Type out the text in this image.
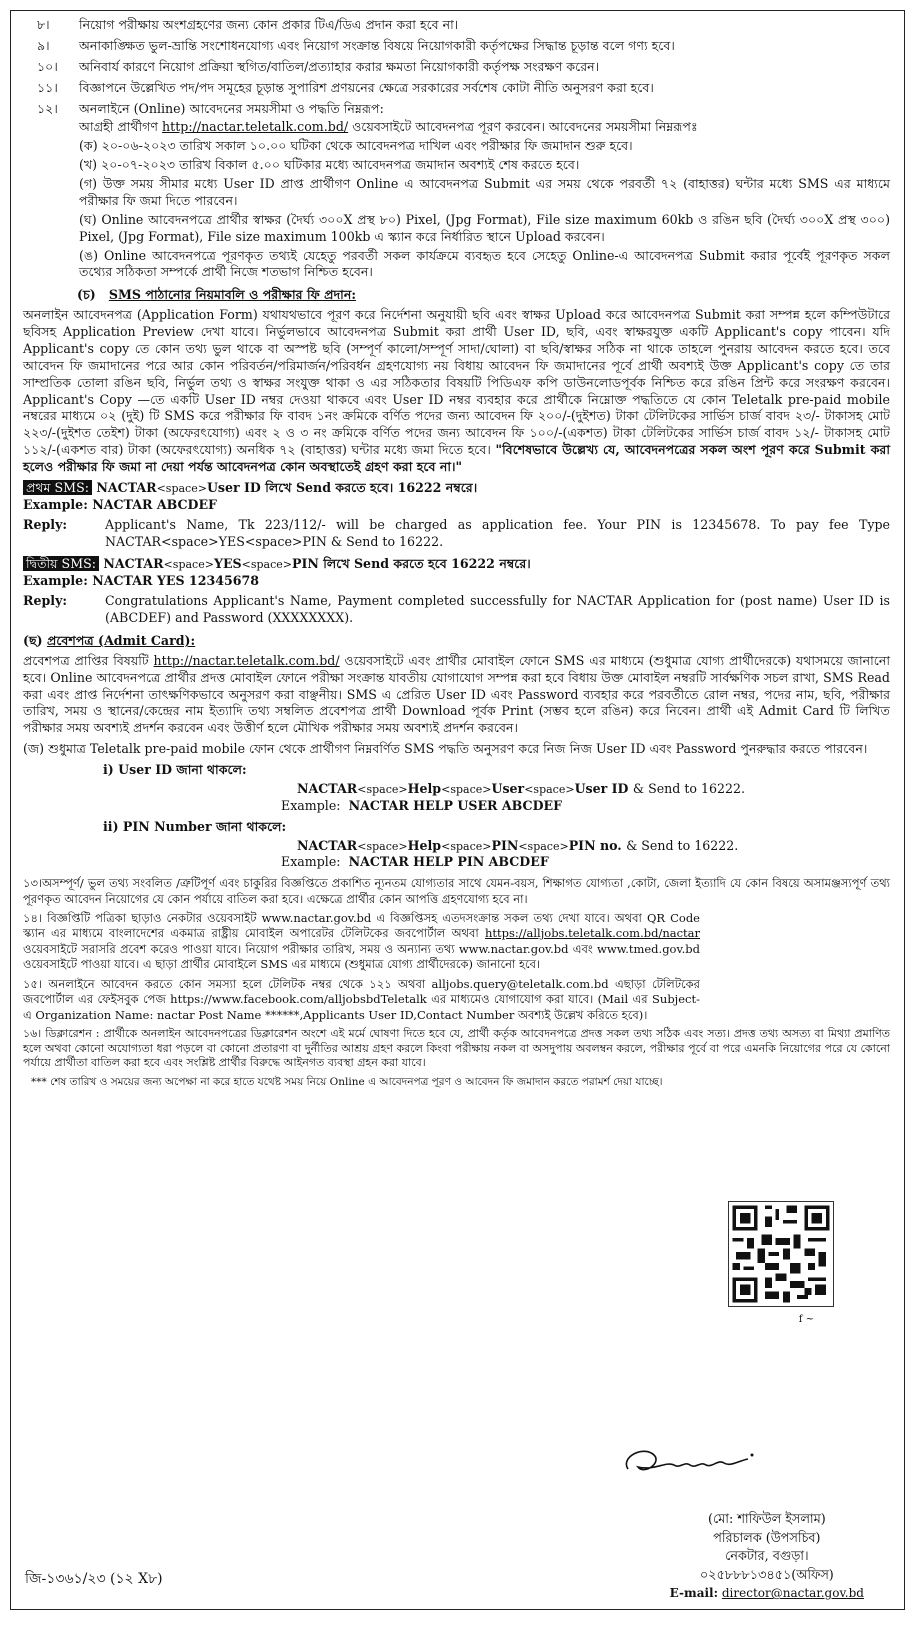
৮।	নিয়োগ পরীক্ষায় অংশগ্রহণের জন্য কোন প্রকার টিএ/ডিএ প্রদান করা হবে না।
৯।	অনাকাঙ্ক্ষিত ভুল-ভ্রান্তি সংশোধনযোগ্য এবং নিয়োগ সংক্রান্ত বিষয়ে নিয়োগকারী কর্তৃপক্ষের সিদ্ধান্ত চূড়ান্ত বলে গণ্য হবে।
১০।	অনিবার্য কারণে নিয়োগ প্রক্রিয়া স্থগিত/বাতিল/প্রত্যাহার করার ক্ষমতা নিয়োগকারী কর্তৃপক্ষ সংরক্ষণ করেন।
১১।	বিজ্ঞাপনে উল্লেখিত পদ/পদ সমূহের চূড়ান্ত সুপারিশ প্রণয়নের ক্ষেত্রে সরকারের সর্বশেষ কোটা নীতি অনুসরণ করা হবে।
১২।	অনলাইনে (Online) আবেদনের সময়সীমা ও পদ্ধতি নিম্নরূপ:
আগ্রহী প্রার্থীগণ http://nactar.teletalk.com.bd/ ওয়েবসাইটে আবেদনপত্র পূরণ করবেন। আবেদনের সময়সীমা নিম্নরূপঃ
(ক) ২০-০৬-২০২৩ তারিখ সকাল ১০.০০ ঘটিকা থেকে আবেদনপত্র দাখিল এবং পরীক্ষার ফি জমাদান শুরু হবে।
(খ) ২০-০৭-২০২৩ তারিখ বিকাল ৫.০০ ঘটিকার মধ্যে আবেদনপত্র জমাদান অবশ্যই শেষ করতে হবে।
(গ) উক্ত সময় সীমার মধ্যে User ID প্রাপ্ত প্রার্থীগণ Online এ আবেদনপত্র Submit এর সময় থেকে পরবর্তী ৭২ (বাহাত্তর) ঘন্টার মধ্যে SMS এর মাধ্যমে পরীক্ষার ফি জমা দিতে পারবেন।
(ঘ) Online আবেদনপত্রে প্রার্থীর স্বাক্ষর (দৈর্ঘ্য ৩০০X প্রস্থ ৮০) Pixel, (Jpg Format), File size maximum 60kb ও রঙিন ছবি (দৈর্ঘ্য ৩০০X প্রস্থ ৩০০) Pixel, (Jpg Format), File size maximum 100kb এ স্ক্যান করে নির্ধারিত স্থানে Upload করবেন।
(ঙ) Online আবেদনপত্রে পূরণকৃত তথ্যই যেহেতু পরবর্তী সকল কার্যক্রমে ব্যবহৃত হবে সেহেতু Online-এ আবেদনপত্র Submit করার পূর্বেই পূরণকৃত সকল তথ্যের সঠিকতা সম্পর্কে প্রার্থী নিজে শতভাগ নিশ্চিত হবেন।
(চ) SMS পাঠানোর নিয়মাবলি ও পরীক্ষার ফি প্রদান:
অনলাইন আবেদনপত্র (Application Form) যথাযথভাবে পূরণ করে নির্দেশনা অনুযায়ী ছবি এবং স্বাক্ষর Upload করে আবেদনপত্র Submit করা সম্পন্ন হলে কম্পিউটারে ছবিসহ Application Preview দেখা যাবে। নির্ভুলভাবে আবেদনপত্র Submit করা প্রার্থী User ID, ছবি, এবং স্বাক্ষরযুক্ত একটি Applicant's copy পাবেন। যদি Applicant's copy তে কোন তথ্য ভুল থাকে বা অস্পষ্ট ছবি (সম্পূর্ণ কালো/সম্পূর্ণ সাদা/ঘোলা) বা ছবি/স্বাক্ষর সঠিক না থাকে তাহলে পুনরায় আবেদন করতে হবে। তবে আবেদন ফি জমাদানের পরে আর কোন পরিবর্তন/পরিমার্জন/পরিবর্ধন গ্রহণযোগ্য নয় বিধায় আবেদন ফি জমাদানের পূর্বে প্রার্থী অবশ্যই উক্ত Applicant's copy তে তার সাম্প্রতিক তোলা রঙিন ছবি, নির্ভুল তথ্য ও স্বাক্ষর সংযুক্ত থাকা ও এর সঠিকতার বিষয়টি পিডিএফ কপি ডাউনলোডপূর্বক নিশ্চিত করে রঙিন প্রিন্ট করে সংরক্ষণ করবেন। Applicant's Copy —তে একটি User ID নম্বর দেওয়া থাকবে এবং User ID নম্বর ব্যবহার করে প্রার্থীকে নিম্নোক্ত পদ্ধতিতে যে কোন Teletalk pre-paid mobile নম্বরের মাধ্যমে ০২ (দুই) টি SMS করে পরীক্ষার ফি বাবদ ১নং ক্রমিকে বর্ণিত পদের জন্য আবেদন ফি ২০০/-(দুইশত) টাকা টেলিটকের সার্ভিস চার্জ বাবদ ২৩/- টাকাসহ মোট ২২৩/-(দুইশত তেইশ) টাকা (অফেরৎযোগ্য) এবং ২ ও ৩ নং ক্রমিকে বর্ণিত পদের জন্য আবেদন ফি ১০০/-(একশত) টাকা টেলিটকের সার্ভিস চার্জ বাবদ ১২/- টাকাসহ মোট ১১২/-(একশত বার) টাকা (অফেরৎযোগ্য) অনধিক ৭২ (বাহাত্তর) ঘন্টার মধ্যে জমা দিতে হবে। "বিশেষভাবে উল্লেখ্য যে, আবেদনপত্রের সকল অংশ পূরণ করে Submit করা হলেও পরীক্ষার ফি জমা না দেয়া পর্যন্ত আবেদনপত্র কোন অবস্থাতেই গ্রহণ করা হবে না।"
প্রথম SMS: NACTAR<space>User ID লিখে Send করতে হবে। 16222 নম্বরে।
Example: NACTAR ABCDEF
Reply:	Applicant's Name, Tk 223/112/- will be charged as application fee. Your PIN is 12345678. To pay fee Type NACTAR<space>YES<space>PIN & Send to 16222.
দ্বিতীয় SMS: NACTAR<space>YES<space>PIN লিখে Send করতে হবে 16222 নম্বরে।
Example: NACTAR YES 12345678
Reply:	Congratulations Applicant's Name, Payment completed successfully for NACTAR Application for (post name) User ID is (ABCDEF) and Password (XXXXXXXX).
(ছ) প্রবেশপত্র (Admit Card):
প্রবেশপত্র প্রাপ্তির বিষয়টি http://nactar.teletalk.com.bd/ ওয়েবসাইটে এবং প্রার্থীর মোবাইল ফোনে SMS এর মাধ্যমে (শুধুমাত্র যোগ্য প্রার্থীদেরকে) যথাসময়ে জানানো হবে। Online আবেদনপত্রে প্রার্থীর প্রদত্ত মোবাইল ফোনে পরীক্ষা সংক্রান্ত যাবতীয় যোগাযোগ সম্পন্ন করা হবে বিধায় উক্ত মোবাইল নম্বরটি সার্বক্ষণিক সচল রাখা, SMS Read করা এবং প্রাপ্ত নির্দেশনা তাৎক্ষণিকভাবে অনুসরণ করা বাঞ্ছনীয়। SMS এ প্রেরিত User ID এবং Password ব্যবহার করে পরবর্তীতে রোল নম্বর, পদের নাম, ছবি, পরীক্ষার তারিখ, সময় ও স্থানের/কেন্দ্রের নাম ইত্যাদি তথ্য সম্বলিত প্রবেশপত্র প্রার্থী Download পূর্বক Print (সম্ভব হলে রঙিন) করে নিবেন। প্রার্থী এই Admit Card টি লিখিত পরীক্ষার সময় অবশ্যই প্রদর্শন করবেন এবং উত্তীর্ণ হলে মৌখিক পরীক্ষার সময় অবশ্যই প্রদর্শন করবেন।
(জ) শুধুমাত্র Teletalk pre-paid mobile ফোন থেকে প্রার্থীগণ নিম্নবর্ণিত SMS পদ্ধতি অনুসরণ করে নিজ নিজ User ID এবং Password পুনরুদ্ধার করতে পারবেন।
i) User ID জানা থাকলে:
NACTAR<space>Help<space>User<space>User ID & Send to 16222.
Example: NACTAR HELP USER ABCDEF
ii) PIN Number জানা থাকলে:
NACTAR<space>Help<space>PIN<space>PIN no. & Send to 16222.
Example: NACTAR HELP PIN ABCDEF
১৩।অসম্পূর্ণ/ ভুল তথ্য সংবলিত /ত্রুটিপূর্ণ এবং চাকুরির বিজ্ঞপ্তিতে প্রকাশিত ন্যূনতম যোগ্যতার সাথে যেমন-বয়স, শিক্ষাগত যোগ্যতা ,কোটা, জেলা ইত্যাদি যে কোন বিষয়ে অসামঞ্জস্যপূর্ণ তথ্য পূরণকৃত আবেদন নিয়োগের যে কোন পর্যায়ে বাতিল করা হবে। এক্ষেত্রে প্রার্থীর কোন আপত্তি গ্রহণযোগ্য হবে না।
১৪। বিজ্ঞপ্তিটি পত্রিকা ছাড়াও নেকটার ওয়েবসাইট www.nactar.gov.bd এ বিজ্ঞপ্তিসহ এতদসংক্রান্ত সকল তথ্য দেখা যাবে। অথবা QR Code স্ক্যান এর মাধ্যমে বাংলাদেশের একমাত্র রাষ্ট্রীয় মোবাইল অপারেটর টেলিটকের জবপোর্টাল অথবা https://alljobs.teletalk.com.bd/nactar ওয়েবসাইটে সরাসরি প্রবেশ করেও পাওয়া যাবে। নিয়োগ পরীক্ষার তারিখ, সময় ও অন্যান্য তথ্য www.nactar.gov.bd এবং www.tmed.gov.bd ওয়েবসাইটে পাওয়া যাবে। এ ছাড়া প্রার্থীর মোবাইলে SMS এর মাধ্যমে (শুধুমাত্র যোগ্য প্রার্থীদেরকে) জানানো হবে।
১৫। অনলাইনে আবেদন করতে কোন সমস্যা হলে টেলিটক নম্বর থেকে ১২১ অথবা alljobs.query@teletalk.com.bd এছাড়া টেলিটকের জবপোর্টাল এর ফেইসবুক পেজ https://www.facebook.com/alljobsbdTeletalk এর মাধ্যমেও যোগাযোগ করা যাবে। (Mail এর Subject- এ Organization Name: nactar Post Name ******,Applicants User ID,Contact Number অবশ্যই উল্লেখ করিতে হবে)।
১৬। ডিক্লারেশন : প্রার্থীকে অনলাইন আবেদনপত্রের ডিক্লারেশন অংশে এই মর্মে ঘোষণা দিতে হবে যে, প্রার্থী কর্তৃক আবেদনপত্রে প্রদত্ত সকল তথ্য সঠিক এবং সত্য। প্রদত্ত তথ্য অসত্য বা মিথ্যা প্রমাণিত হলে অথবা কোনো অযোগ্যতা ধরা পড়লে বা কোনো প্রতারণা বা দুর্নীতির আশ্রয় গ্রহণ করলে কিংবা পরীক্ষায় নকল বা অসদুপায় অবলম্বন করলে, পরীক্ষার পূর্বে বা পরে এমনকি নিয়োগের পরে যে কোনো পর্যায়ে প্রার্থীতা বাতিল করা হবে এবং সংশ্লিষ্ট প্রার্থীর বিরুদ্ধে আইনগত ব্যবস্থা গ্রহন করা যাবে।
*** শেষ তারিখ ও সময়ের জন্য অপেক্ষা না করে হাতে যথেষ্ট সময় নিয়ে Online এ আবেদনপত্র পূরণ ও আবেদন ফি জমাদান করতে পরামর্শ দেয়া যাচ্ছে।
f ~
(মো: শাফিউল ইসলাম)
পরিচালক (উপসচিব)
নেকটার, বগুড়া।
০২৫৮৮৮১৩৪৫১(অফিস)
E-mail: director@nactar.gov.bd
জি-১৩৬১/২৩ (১২ X৮)
